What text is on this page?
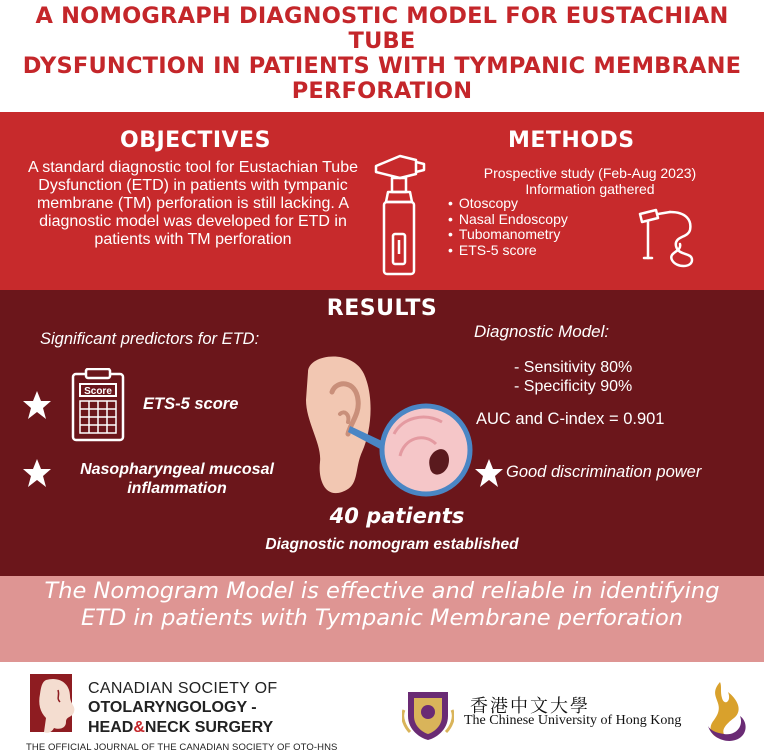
A NOMOGRAPH DIAGNOSTIC MODEL FOR EUSTACHIAN TUBE
DYSFUNCTION IN PATIENTS WITH TYMPANIC MEMBRANE
PERFORATION
OBJECTIVES
A standard diagnostic tool for Eustachian Tube Dysfunction (ETD) in patients with tympanic membrane (TM) perforation is still lacking. A diagnostic model was developed for ETD in patients with TM perforation
METHODS
Prospective study (Feb-Aug 2023)
Information gathered
• Otoscopy
• Nasal Endoscopy
• Tubomanometry
• ETS-5 score
RESULTS
Significant predictors for ETD:
Score
ETS-5 score
Nasopharyngeal mucosal inflammation
Diagnostic Model:
- Sensitivity 80%
- Specificity 90%
AUC and C-index = 0.901
Good discrimination power
40 patients
Diagnostic nomogram established
The Nomogram Model is effective and reliable in identifying ETD in patients with Tympanic Membrane perforation
CANADIAN SOCIETY OF
OTOLARYNGOLOGY -
HEAD&NECK SURGERY
THE OFFICIAL JOURNAL OF THE CANADIAN SOCIETY OF OTO-HNS
香港中文大學
The Chinese University of Hong Kong
